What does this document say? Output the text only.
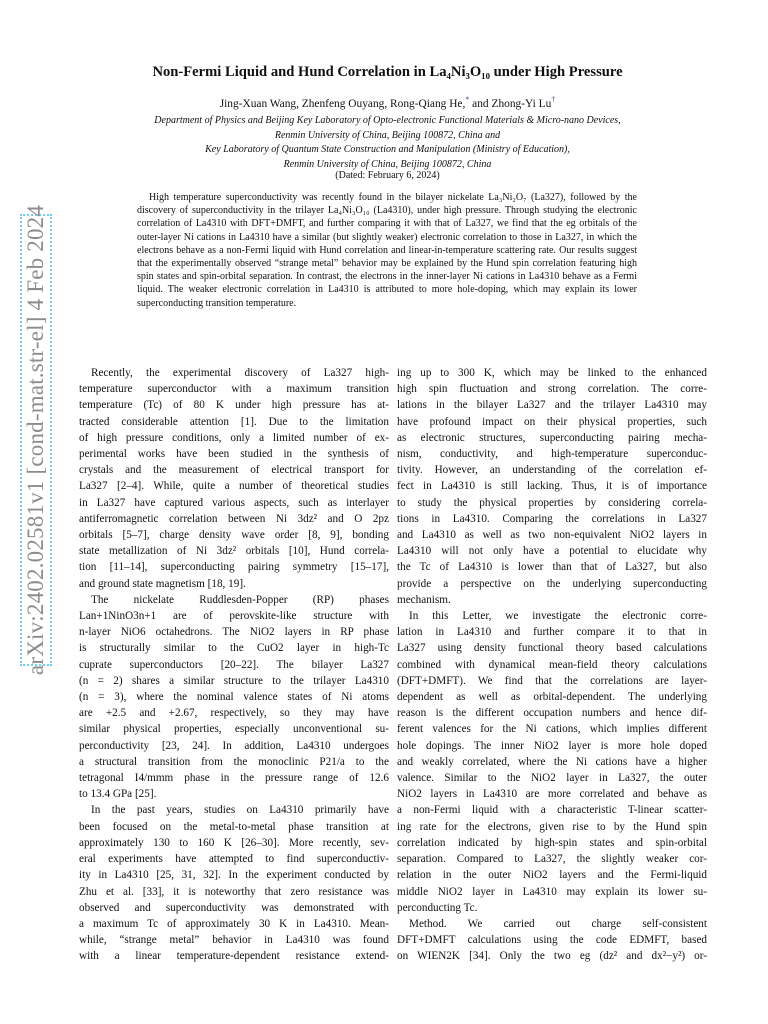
arXiv:2402.02581v1 [cond-mat.str-el] 4 Feb 2024
Non-Fermi Liquid and Hund Correlation in La₄Ni₃O₁₀ under High Pressure
Jing-Xuan Wang, Zhenfeng Ouyang, Rong-Qiang He,* and Zhong-Yi Lu†
Department of Physics and Beijing Key Laboratory of Opto-electronic Functional Materials & Micro-nano Devices,
Renmin University of China, Beijing 100872, China and
Key Laboratory of Quantum State Construction and Manipulation (Ministry of Education),
Renmin University of China, Beijing 100872, China
(Dated: February 6, 2024)
High temperature superconductivity was recently found in the bilayer nickelate La₃Ni₂O₇ (La327), followed by the discovery of superconductivity in the trilayer La₄Ni₃O₁₀ (La4310), under high pressure. Through studying the electronic correlation of La4310 with DFT+DMFT, and further comparing it with that of La327, we find that the eg orbitals of the outer-layer Ni cations in La4310 have a similar (but slightly weaker) electronic correlation to those in La327, in which the electrons behave as a non-Fermi liquid with Hund correlation and linear-in-temperature scattering rate. Our results suggest that the experimentally observed “strange metal” behavior may be explained by the Hund spin correlation featuring high spin states and spin-orbital separation. In contrast, the electrons in the inner-layer Ni cations in La4310 behave as a Fermi liquid. The weaker electronic correlation in La4310 is attributed to more hole-doping, which may explain its lower superconducting transition temperature.
Recently, the experimental discovery of La327 high-
temperature superconductor with a maximum transition
temperature (Tc) of 80 K under high pressure has at-
tracted considerable attention [1]. Due to the limitation
of high pressure conditions, only a limited number of ex-
perimental works have been studied in the synthesis of
crystals and the measurement of electrical transport for
La327 [2–4]. While, quite a number of theoretical studies
in La327 have captured various aspects, such as interlayer
antiferromagnetic correlation between Ni 3dz² and O 2pz
orbitals [5–7], charge density wave order [8, 9], bonding
state metallization of Ni 3dz² orbitals [10], Hund correla-
tion [11–14], superconducting pairing symmetry [15–17],
and ground state magnetism [18, 19].
The nickelate Ruddlesden-Popper (RP) phases
Lan+1NinO3n+1 are of perovskite-like structure with
n-layer NiO6 octahedrons. The NiO2 layers in RP phase
is structurally similar to the CuO2 layer in high-Tc
cuprate superconductors [20–22]. The bilayer La327
(n = 2) shares a similar structure to the trilayer La4310
(n = 3), where the nominal valence states of Ni atoms
are +2.5 and +2.67, respectively, so they may have
similar physical properties, especially unconventional su-
perconductivity [23, 24]. In addition, La4310 undergoes
a structural transition from the monoclinic P21/a to the
tetragonal I4/mmm phase in the pressure range of 12.6
to 13.4 GPa [25].
In the past years, studies on La4310 primarily have
been focused on the metal-to-metal phase transition at
approximately 130 to 160 K [26–30]. More recently, sev-
eral experiments have attempted to find superconductiv-
ity in La4310 [25, 31, 32]. In the experiment conducted by
Zhu et al. [33], it is noteworthy that zero resistance was
observed and superconductivity was demonstrated with
a maximum Tc of approximately 30 K in La4310. Mean-
while, “strange metal” behavior in La4310 was found
with a linear temperature-dependent resistance extend-
ing up to 300 K, which may be linked to the enhanced
high spin fluctuation and strong correlation. The corre-
lations in the bilayer La327 and the trilayer La4310 may
have profound impact on their physical properties, such
as electronic structures, superconducting pairing mecha-
nism, conductivity, and high-temperature superconduc-
tivity. However, an understanding of the correlation ef-
fect in La4310 is still lacking. Thus, it is of importance
to study the physical properties by considering correla-
tions in La4310. Comparing the correlations in La327
and La4310 as well as two non-equivalent NiO2 layers in
La4310 will not only have a potential to elucidate why
the Tc of La4310 is lower than that of La327, but also
provide a perspective on the underlying superconducting
mechanism.
In this Letter, we investigate the electronic corre-
lation in La4310 and further compare it to that in
La327 using density functional theory based calculations
combined with dynamical mean-field theory calculations
(DFT+DMFT). We find that the correlations are layer-
dependent as well as orbital-dependent. The underlying
reason is the different occupation numbers and hence dif-
ferent valences for the Ni cations, which implies different
hole dopings. The inner NiO2 layer is more hole doped
and weakly correlated, where the Ni cations have a higher
valence. Similar to the NiO2 layer in La327, the outer
NiO2 layers in La4310 are more correlated and behave as
a non-Fermi liquid with a characteristic T-linear scatter-
ing rate for the electrons, given rise to by the Hund spin
correlation indicated by high-spin states and spin-orbital
separation. Compared to La327, the slightly weaker cor-
relation in the outer NiO2 layers and the Fermi-liquid
middle NiO2 layer in La4310 may explain its lower su-
perconducting Tc.
Method. We carried out charge self-consistent
DFT+DMFT calculations using the code EDMFT, based
on WIEN2K [34]. Only the two eg (dz² and dx²−y²) or-
